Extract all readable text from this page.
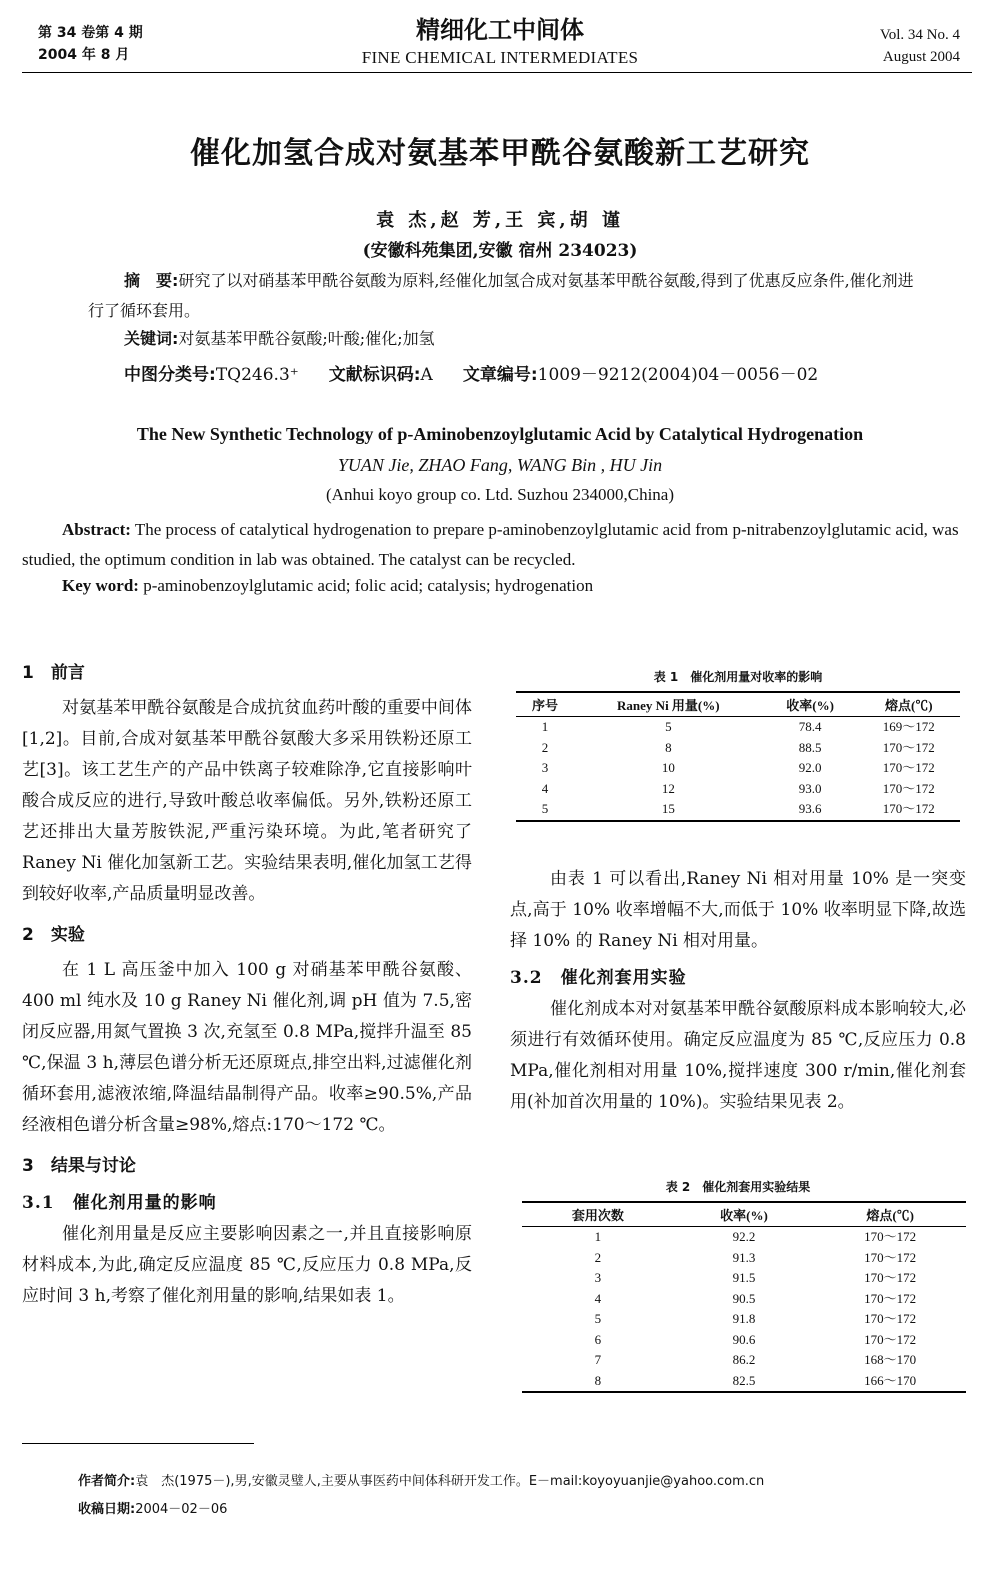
第 34 卷第 4 期
2004 年 8 月
精细化工中间体
FINE CHEMICAL INTERMEDIATES
Vol. 34 No. 4
August 2004
催化加氢合成对氨基苯甲酰谷氨酸新工艺研究
袁 杰,赵 芳,王 宾,胡 谨
(安徽科苑集团,安徽 宿州 234023)
摘　要:研究了以对硝基苯甲酰谷氨酸为原料,经催化加氢合成对氨基苯甲酰谷氨酸,得到了优惠反应条件,催化剂进行了循环套用。
关键词:对氨基苯甲酰谷氨酸;叶酸;催化;加氢
中图分类号:TQ246.3⁺ 文献标识码:A 文章编号:1009－9212(2004)04－0056－02
The New Synthetic Technology of p-Aminobenzoylglutamic Acid by Catalytical Hydrogenation
YUAN Jie, ZHAO Fang, WANG Bin , HU Jin
(Anhui koyo group co. Ltd. Suzhou 234000,China)
Abstract: The process of catalytical hydrogenation to prepare p-aminobenzoylglutamic acid from p-nitrabenzoylglutamic acid, was studied, the optimum condition in lab was obtained. The catalyst can be recycled.
Key word: p-aminobenzoylglutamic acid; folic acid; catalysis; hydrogenation
1　前言

对氨基苯甲酰谷氨酸是合成抗贫血药叶酸的重要中间体[1,2]。目前,合成对氨基苯甲酰谷氨酸大多采用铁粉还原工艺[3]。该工艺生产的产品中铁离子较难除净,它直接影响叶酸合成反应的进行,导致叶酸总收率偏低。另外,铁粉还原工艺还排出大量芳胺铁泥,严重污染环境。为此,笔者研究了 Raney Ni 催化加氢新工艺。实验结果表明,催化加氢工艺得到较好收率,产品质量明显改善。

2　实验

在 1 L 高压釜中加入 100 g 对硝基苯甲酰谷氨酸、400 ml 纯水及 10 g Raney Ni 催化剂,调 pH 值为 7.5,密闭反应器,用氮气置换 3 次,充氢至 0.8 MPa,搅拌升温至 85 ℃,保温 3 h,薄层色谱分析无还原斑点,排空出料,过滤催化剂循环套用,滤液浓缩,降温结晶制得产品。收率≥90.5%,产品经液相色谱分析含量≥98%,熔点:170～172 ℃。

3　结果与讨论
3.1　催化剂用量的影响

催化剂用量是反应主要影响因素之一,并且直接影响原材料成本,为此,确定反应温度 85 ℃,反应压力 0.8 MPa,反应时间 3 h,考察了催化剂用量的影响,结果如表 1。

表 1　催化剂用量对收率的影响
序号	Raney Ni 用量(%)	收率(%)	熔点(℃)
1	5	78.4	169～172
2	8	88.5	170～172
3	10	92.0	170～172
4	12	93.0	170～172
5	15	93.6	170～172

由表 1 可以看出,Raney Ni 相对用量 10% 是一突变点,高于 10% 收率增幅不大,而低于 10% 收率明显下降,故选择 10% 的 Raney Ni 相对用量。

3.2　催化剂套用实验

催化剂成本对对氨基苯甲酰谷氨酸原料成本影响较大,必须进行有效循环使用。确定反应温度为 85 ℃,反应压力 0.8 MPa,催化剂相对用量 10%,搅拌速度 300 r/min,催化剂套用(补加首次用量的 10%)。实验结果见表 2。

表 2　催化剂套用实验结果
套用次数	收率(%)	熔点(℃)
1	92.2	170～172
2	91.3	170～172
3	91.5	170～172
4	90.5	170～172
5	91.8	170～172
6	90.6	170～172
7	86.2	168～170
8	82.5	166～170
作者简介:袁　杰(1975－),男,安徽灵璧人,主要从事医药中间体科研开发工作。E－mail:koyoyuanjie@yahoo.com.cn
收稿日期:2004－02－06
